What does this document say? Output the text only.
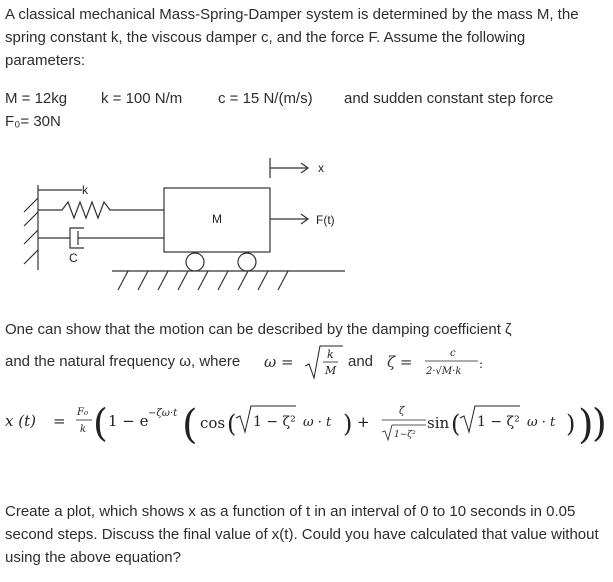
A classical mechanical Mass-Spring-Damper system is determined by the mass M, the spring constant k, the viscous damper c, and the force F. Assume the following parameters:

M = 12kg k = 100 N/m c = 15 N/(m/s) and sudden constant step force
F₀= 30N
x
k
C
M	F(t)
One can show that the motion can be described by the damping coefficient ζ
and the natural frequency ω, where ω =	k
M
and ζ =	c
2·√M·k
:
x (t) = F₀
k ( 1 − e −ζω·t ( cos ( 1 − ζ² ω · t ) +
ζ
1−ζ²
sin ( 1 − ζ² ω · t ) )
)

Create a plot, which shows x as a function of t in an interval of 0 to 10 seconds in 0.05 second steps. Discuss the final value of x(t). Could you have calculated that value without using the above equation?
